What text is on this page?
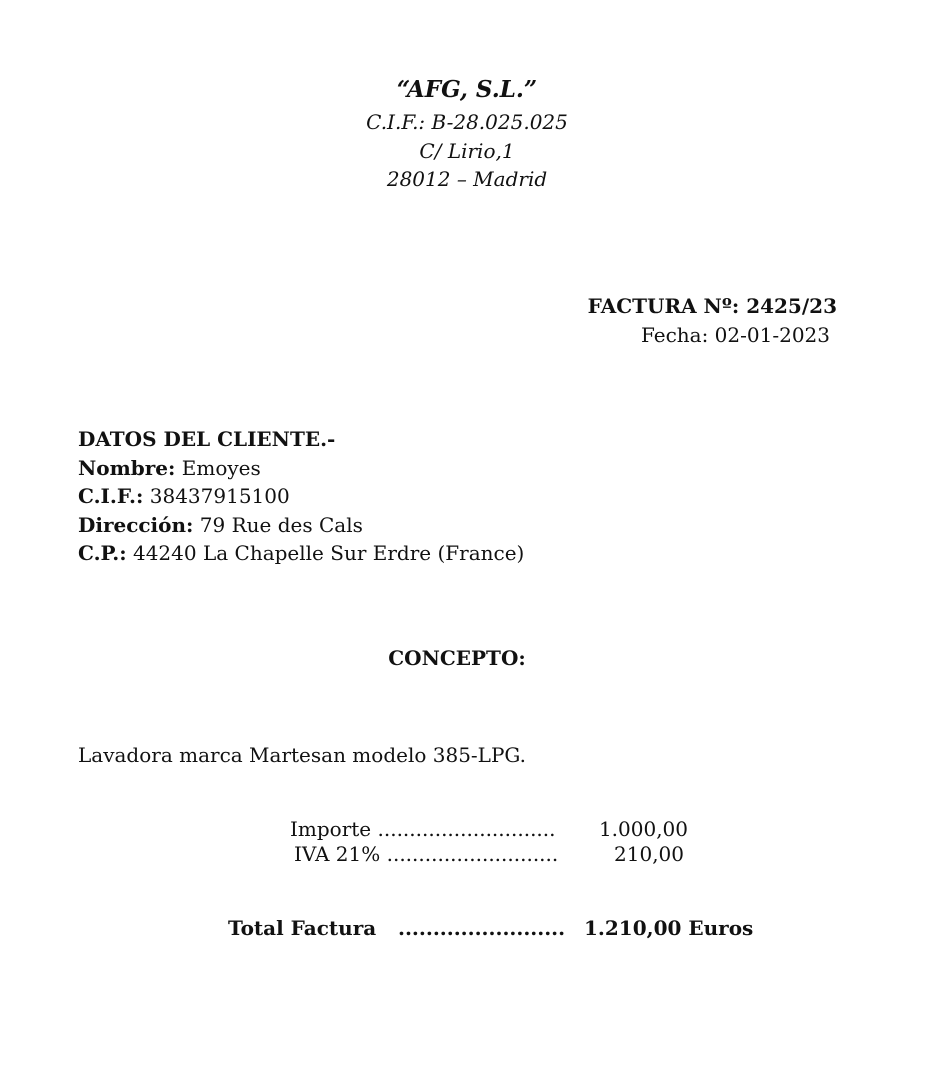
“AFG, S.L.”
C.I.F.: B-28.025.025
C/ Lirio,1
28012 – Madrid
FACTURA Nº: 2425/23
Fecha: 02-01-2023
DATOS DEL CLIENTE.-
Nombre: Emoyes
C.I.F.: 38437915100
Dirección: 79 Rue des Cals
C.P.: 44240 La Chapelle Sur Erdre (France)
CONCEPTO:
Lavadora marca Martesan modelo 385-LPG.
Importe ............................ 1.000,00
IVA 21% ...........................	210,00
Total Factura ........................ 1.210,00 Euros
